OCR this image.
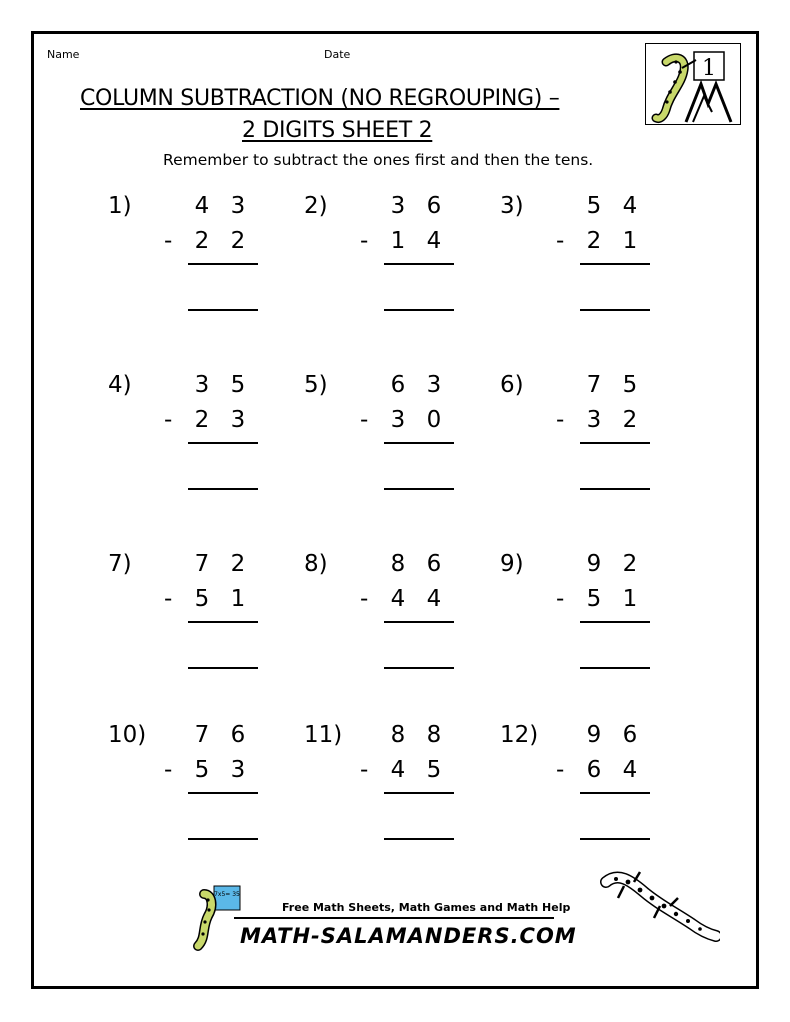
Name	Date
COLUMN SUBTRACTION (NO REGROUPING) –
2 DIGITS SHEET 2
Remember to subtract the ones first and then the tens.
1
1)	4 3
2 2
-
2)	3 6
1 4
-
3)	5 4
2 1
-
4)	3 5
2 3
-
5)	6 3
3 0
-
6)	7 5
3 2
-
7)	7 2
5 1
-
8)	8 6
4 4
-
9)	9 2
5 1
-
10) 7 6
5 3
-
11) 8 8
4 5
-
12) 9 6
6 4
-
7x5= 35
Free Math Sheets, Math Games and Math Help
MATH-SALAMANDERS.COM
